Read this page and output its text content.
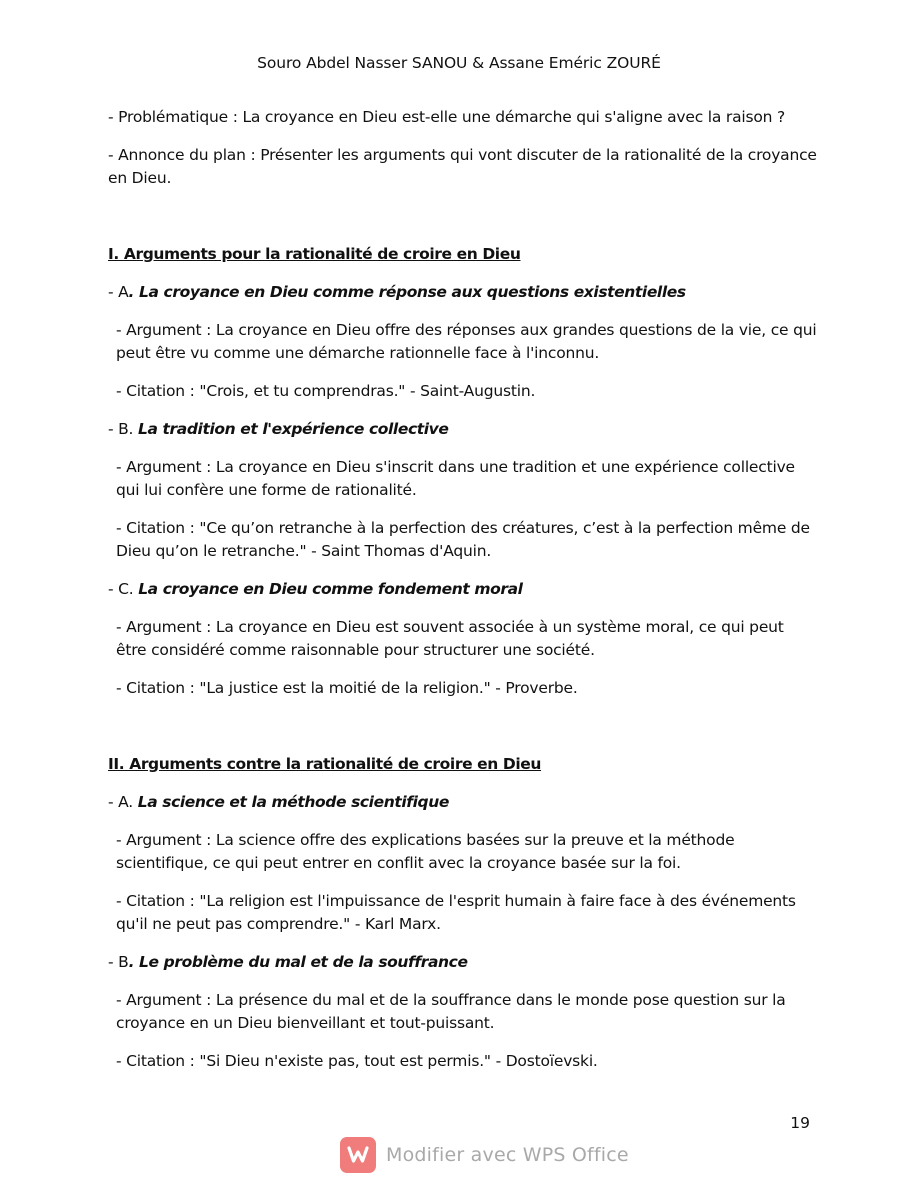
Souro Abdel Nasser SANOU & Assane Eméric ZOURÉ

- Problématique : La croyance en Dieu est-elle une démarche qui s'aligne avec la raison ?

- Annonce du plan : Présenter les arguments qui vont discuter de la rationalité de la croyance en Dieu.

I. Arguments pour la rationalité de croire en Dieu

- A. La croyance en Dieu comme réponse aux questions existentielles

- Argument : La croyance en Dieu offre des réponses aux grandes questions de la vie, ce qui peut être vu comme une démarche rationnelle face à l'inconnu.

- Citation : "Crois, et tu comprendras." - Saint-Augustin.

- B. La tradition et l'expérience collective

- Argument : La croyance en Dieu s'inscrit dans une tradition et une expérience collective qui lui confère une forme de rationalité.

- Citation : "Ce qu’on retranche à la perfection des créatures, c’est à la perfection même de Dieu qu’on le retranche." - Saint Thomas d'Aquin.

- C. La croyance en Dieu comme fondement moral

- Argument : La croyance en Dieu est souvent associée à un système moral, ce qui peut être considéré comme raisonnable pour structurer une société.

- Citation : "La justice est la moitié de la religion." - Proverbe.

II. Arguments contre la rationalité de croire en Dieu

- A. La science et la méthode scientifique

- Argument : La science offre des explications basées sur la preuve et la méthode scientifique, ce qui peut entrer en conflit avec la croyance basée sur la foi.

- Citation : "La religion est l'impuissance de l'esprit humain à faire face à des événements qu'il ne peut pas comprendre." - Karl Marx.

- B. Le problème du mal et de la souffrance

- Argument : La présence du mal et de la souffrance dans le monde pose question sur la croyance en un Dieu bienveillant et tout-puissant.

- Citation : "Si Dieu n'existe pas, tout est permis." - Dostoïevski.

19
Modifier avec WPS Office
